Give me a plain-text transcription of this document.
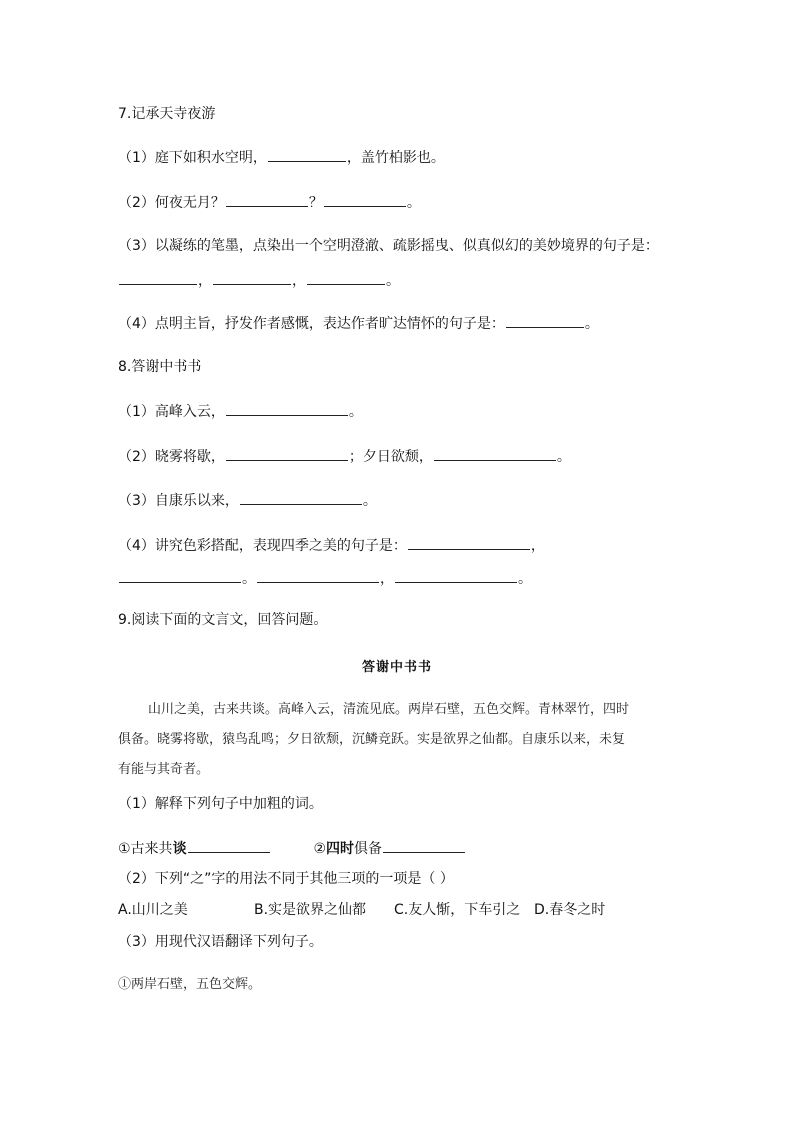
7.记承天寺夜游
（1）庭下如积水空明，	，盖竹柏影也。
（2）何夜无月？	？	。
（3）以凝练的笔墨，点染出一个空明澄澈、疏影摇曳、似真似幻的美妙境界的句子是：
，	，	。
（4）点明主旨，抒发作者感慨，表达作者旷达情怀的句子是：	。
8.答谢中书书
（1）高峰入云，	。
（2）晓雾将歇，	；夕日欲颓，	。
（3）自康乐以来，	。
（4）讲究色彩搭配，表现四季之美的句子是：	，
。	，	。
9.阅读下面的文言文，回答问题。
答谢中书书
山川之美，古来共谈。高峰入云，清流见底。两岸石壁，五色交辉。青林翠竹，四时
俱备。晓雾将歇，猿鸟乱鸣；夕日欲颓，沉鳞竞跃。实是欲界之仙都。自康乐以来，未复
有能与其奇者。
（1）解释下列句子中加粗的词。
①古来共谈	②四时俱备
（2）下列“之”字的用法不同于其他三项的一项是（ ）
A.山川之美	B.实是欲界之仙都 C.友人惭，下车引之 D.春冬之时
（3）用现代汉语翻译下列句子。
①两岸石壁，五色交辉。
